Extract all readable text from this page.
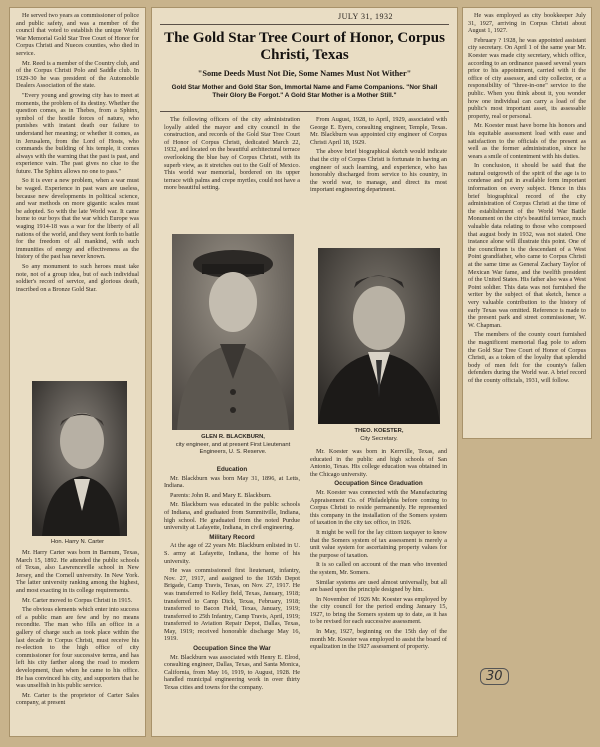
He served two years as commissioner of police and public safety, and was a member of the council that voted to establish the unique World War Memorial Gold Star Tree Court of Honor for Corpus Christi and Nueces counties, who died in service.

Mr. Reed is a member of the Country club, and of the Corpus Christi Polo and Saddle club. In 1929-30 he was president of the Automobile Dealers Association of the state.

"Every young and growing city has to meet at moments, the problem of its destiny. Whether the question comes, as in Thebes, from a Sphinx, symbol of the hostile forces of nature, who punishes with instant death our failure to understand her meaning; or whether it comes, as in Jerusalem, from the Lord of Hosts, who commands the building of his temple, it comes always with the warning that the past is past, and experience vain. The past gives no clue to the future. The Sphinx allows no one to pass."

So it is ever a new problem, when a war must be waged. Experience in past wars are useless, because new developments in political science, and war methods on more gigantic scales must be adopted. So with the late World war. It came home to our boys that the war which Europe was waging 1914-18 was a war for the liberty of all nations of the world, and they went forth to battle for the freedom of all mankind, with such immunities of energy and effectiveness as the history of the past has never known.

So any monument to such heroes must take note, not of a group idea, but of each individual soldier's record of service, and glorious death, inscribed on a Bronze Gold Star.

Hon. Harry N. Carter

Mr. Harry Carter was born in Barnum, Texas, March 15, 1892. He attended the public schools of Texas, also Lawrenceville school in New Jersey, and the Cornell university. In New York. The latter university ranking among the highest, and most exacting in its college requirements.

Mr. Carter moved to Corpus Christi in 1915.

The obvious elements which enter into success of a public man are few and by no means recondite. The man who fills an office in a gallery of charge such as took place within the last decade in Corpus Christi, must receive his re-election to the high office of city commissioner for four successive terms, and has left his city farther along the road to modern development, than when he came to his office. He has convinced his city, and supporters that he was unselfish in his public service.

Mr. Carter is the proprietor of Carter Sales company, at present

JULY 31, 1932
The Gold Star Tree Court of Honor, Corpus Christi, Texas
"Some Deeds Must Not Die, Some Names Must Not Wither"
Gold Star Mother and Gold Star Son, Immortal Name and Fame Companions. "Nor Shall Their Glory Be Forgot." A Gold Star Mother is a Mother Still."

The following officers of the city administration loyally aided the mayor and city council in the construction, and records of the Gold Star Tree Court of Honor of Corpus Christi, dedicated March 22, 1932, and located on the beautiful architectural terrace overlooking the blue bay of Corpus Christi, with its superb view, as it stretches out to the Gulf of Mexico. This world war memorial, bordered on its upper terrace with palms and crepe myrtles, could not have a more beautiful setting.

From August, 1928, to April, 1929, associated with George E. Eyers, consulting engineer, Temple, Texas. Mr. Blackburn was appointed city engineer of Corpus Christi April 18, 1929.

The above brief biographical sketch would indicate that the city of Corpus Christi is fortunate in having an engineer of such learning, and experience, who has honorably discharged from service to his country, in the world war, to manage, and direct its most important engineering department.

GLEN R. BLACKBURN,
city engineer, and at present First Lieutenant Engineers, U. S. Reserve.
THEO. KOESTER,
City Secretary.
Education

Mr. Blackburn was born May 31, 1896, at Letts, Indiana.

Parents: John R. and Mary E. Blackburn.

Mr. Blackburn was educated in the public schools of Indiana, and graduated from Summitville, Indiana, high school. He graduated from the noted Purdue university at Lafayette, Indiana, in civil engineering.

Military Record

At the age of 22 years Mr. Blackburn enlisted in U. S. army at Lafayette, Indiana, the home of his university.

He was commissioned first lieutenant, infantry, Nov. 27, 1917, and assigned to the 165th Depot Brigade, Camp Travis, Texas, on Nov. 27, 1917. He was transferred to Kelley field, Texas, January, 1918; transferred to Camp Dick, Texas, February, 1918; transferred to Bacon Field, Texas, January, 1919; transferred to 25th Infantry, Camp Travis, April, 1919; transferred to Aviation Repair Depot, Dallas, Texas, May, 1919; received honorable discharge May 16, 1919.

Occupation Since the War

Mr. Blackburn was associated with Henry E. Elrod, consulting engineer, Dallas, Texas, and Santa Monica, California, from May 16, 1919, to August, 1928. He handled municipal engineering work in over thirty Texas cities and towns for the company.

Mr. Koester was born in Kerrville, Texas, and educated in the public and high schools of San Antonio, Texas. His college education was obtained in the Chicago university.

Occupation Since Graduation

Mr. Koester was connected with the Manufacturing Appraisement Co. of Philadelphia before coming to Corpus Christi to reside permanently. He represented this company in the installation of the Somers system of taxation in the city tax office, in 1926.

It might be well for the lay citizen taxpayer to know that the Somers system of tax assessment is merely a unit value system for ascertaining property values for the purpose of taxation.

It is so called on account of the man who invented the system, Mr. Somers.

Similar systems are used almost universally, but all are based upon the principle designed by him.

In November of 1926 Mr. Koester was employed by the city council for the period ending January 15, 1927, to bring the Somers system up to date, as it has to be revised for each successive assessment.

In May, 1927, beginning on the 15th day of the month Mr. Koester was employed to assist the board of equalization in the 1927 assessment of property.

He was employed as city bookkeeper July 31, 1927, arriving in Corpus Christi about August 1, 1927.

February ? 1928, he was appointed assistant city secretary. On April 1 of the same year Mr. Koester was made city secretary, which office, according to an ordinance passed several years prior to his appointment, carried with it the office of city assessor, and city collector, or a responsibility of "three-in-one" service to the public. When you think about it, you wonder how one individual can carry a load of the public's most important asset, its assessable property, real or personal.

Mr. Koester must have borne his honors and his equitable assessment load with ease and satisfaction to the officials of the present as well as the former administration, since he wears a smile of contentment with his duties.

In conclusion, it should be said that the natural outgrowth of the spirit of the age is to condense and put in available form important information on every subject. Hence in this brief biographical record of the city administration of Corpus Christi at the time of the establishment of the World War Battle Monument on the city's beautiful terrace, much valuable data relating to those who composed that august body in 1932, was not stated. One instance alone will illustrate this point. One of the councilmen is the descendant of a West Point grandfather, who came to Corpus Christi at the same time as General Zachary Taylor of Mexican War fame, and the twelfth president of the United States. His father also was a West Point soldier. This data was not furnished the writer by the subject of that sketch, hence a very valuable contribution to the history of early Texas was omitted. Reference is made to the present park and street commissioner, W. W. Chapman.

The members of the county court furnished the magnificent memorial flag pole to adorn the Gold Star Tree Court of Honor of Corpus Christi, as a token of the loyalty that splendid body of men felt for the county's fallen defenders during the World war. A brief record of the county officials, 1931, will follow.

30
